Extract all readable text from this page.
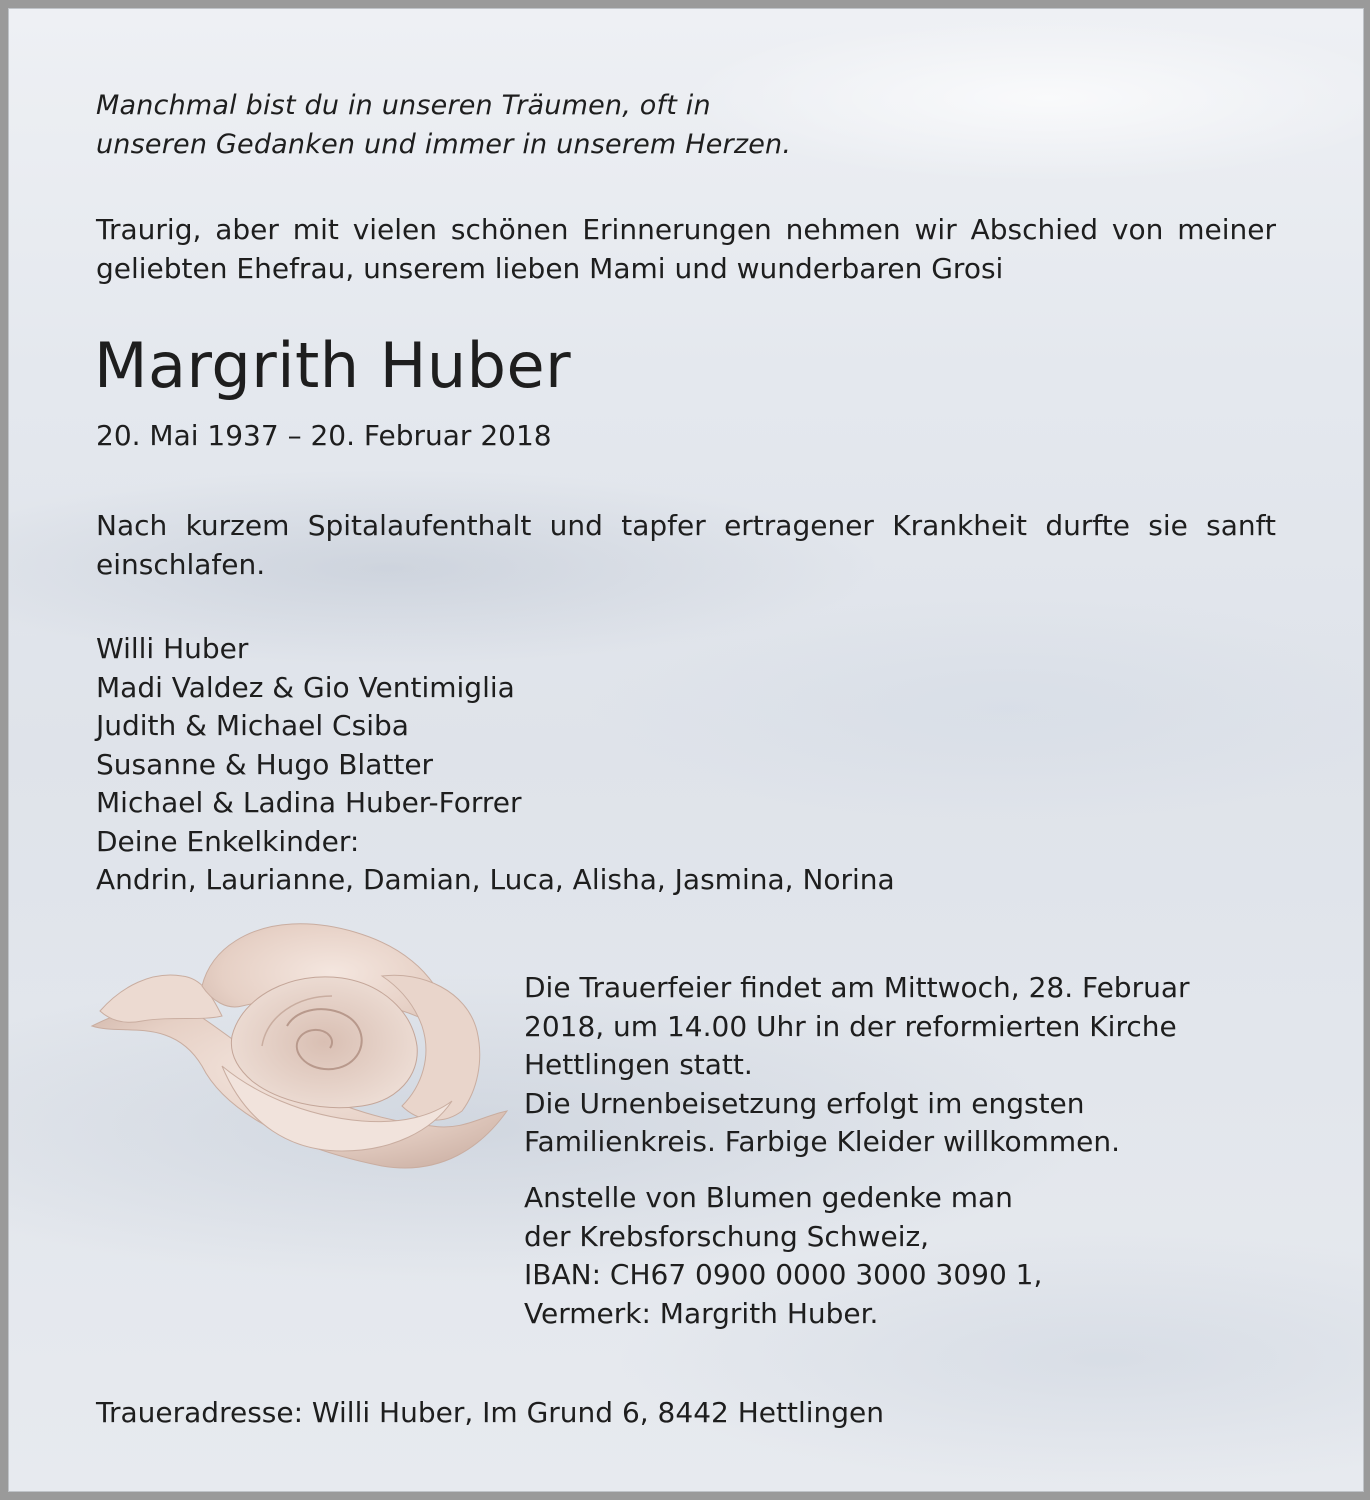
Manchmal bist du in unseren Träumen, oft in
unseren Gedanken und immer in unserem Herzen.

Traurig, aber mit vielen schönen Erinnerungen nehmen wir Abschied von meiner geliebten Ehefrau, unserem lieben Mami und wunderbaren Grosi

Margrith Huber

20. Mai 1937 – 20. Februar 2018

Nach kurzem Spitalaufenthalt und tapfer ertragener Krankheit durfte sie sanft einschlafen.

Willi Huber
Madi Valdez & Gio Ventimiglia
Judith & Michael Csiba
Susanne & Hugo Blatter
Michael & Ladina Huber-Forrer
Deine Enkelkinder:
Andrin, Laurianne, Damian, Luca, Alisha, Jasmina, Norina
Die Trauerfeier findet am Mittwoch, 28. Februar
2018, um 14.00 Uhr in der reformierten Kirche
Hettlingen statt.
Die Urnenbeisetzung erfolgt im engsten
Familienkreis. Farbige Kleider willkommen.
Anstelle von Blumen gedenke man
der Krebsforschung Schweiz,
IBAN: CH67 0900 0000 3000 3090 1,
Vermerk: Margrith Huber.

Traueradresse: Willi Huber, Im Grund 6, 8442 Hettlingen
